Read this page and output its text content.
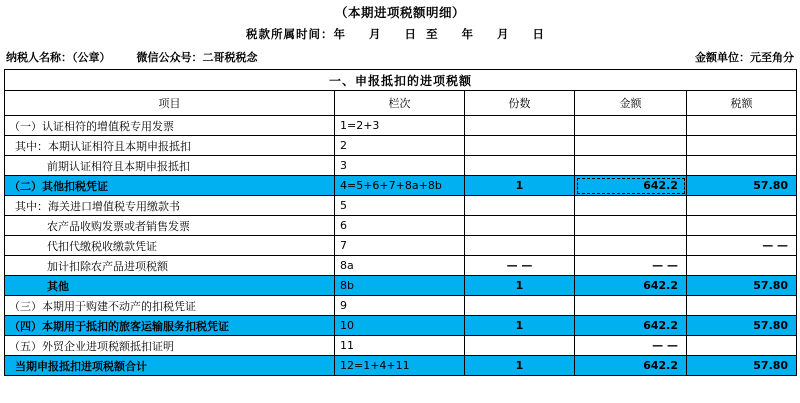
（本期进项税额明细）
税款所属时间：年 月 日至 年 月 日
纳税人名称：（公章） 微信公众号：二哥税税念	金额单位：元至角分
一、申报抵扣的进项税额				
项目	栏次	份数	金额	税额
（一）认证相符的增值税专用发票	1=2+3			
其中：本期认证相符且本期申报抵扣	2			
前期认证相符且本期申报抵扣	3			
（二）其他扣税凭证	4=5+6+7+8a+8b	1	642.2	57.80
其中：海关进口增值税专用缴款书	5			
农产品收购发票或者销售发票	6			
代扣代缴税收缴款凭证	7			— —
加计扣除农产品进项税额	8a	— —	— —	
其他	8b	1	642.2	57.80
（三）本期用于购建不动产的扣税凭证	9			
（四）本期用于抵扣的旅客运输服务扣税凭证	10	1	642.2	57.80
（五）外贸企业进项税额抵扣证明	11		— —	
当期申报抵扣进项税额合计	12=1+4+11	1	642.2	57.80
